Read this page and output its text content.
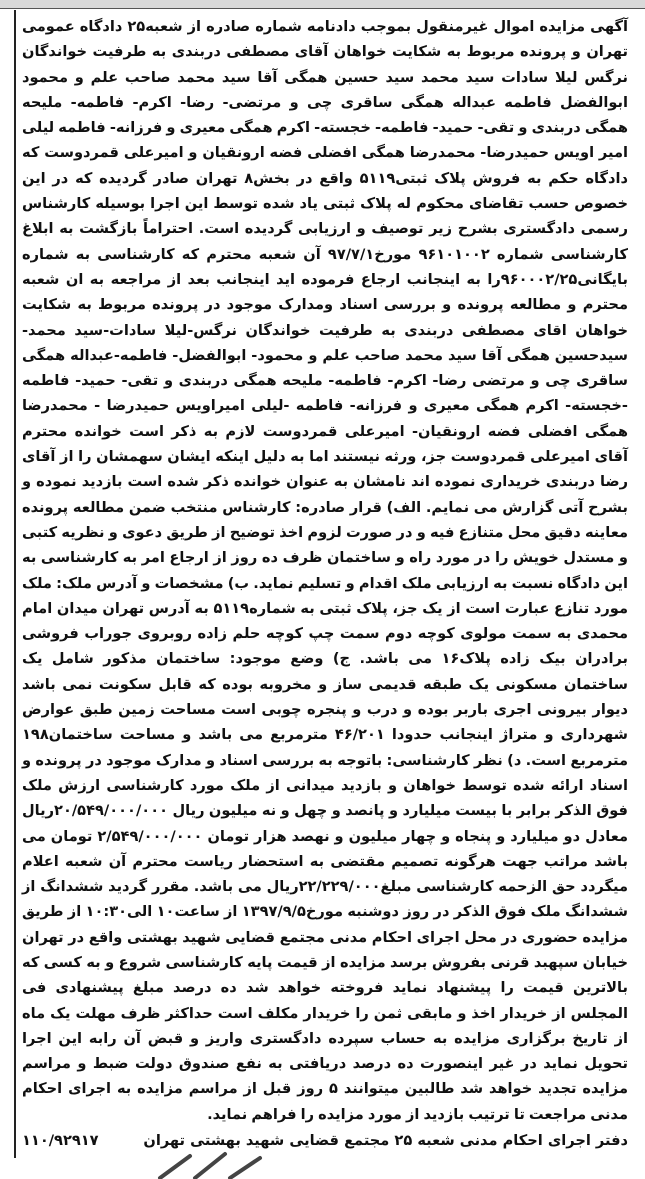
آگهی مزایده اموال غیرمنقول بموجب دادنامه شماره صادره از شعبه۲۵ دادگاه عمومی تهران و پرونده مربوط به شکایت خواهان آقای مصطفی دربندی به طرفیت خواندگان نرگس لیلا سادات سید محمد سید حسین همگی آقا سید محمد صاحب علم و محمود ابوالفضل فاطمه عبداله همگی ساقری چی و مرتضی- رضا- اکرم- فاطمه- ملیحه همگی دربندی و تقی- حمید- فاطمه- خجسته- اکرم همگی معیری و فرزانه- فاطمه لیلی امیر اویس حمیدرضا- محمدرضا همگی افضلی فضه ارونقیان و امیرعلی قمردوست که دادگاه حکم به فروش پلاک ثبتی۵۱۱۹ واقع در بخش۸ تهران صادر گردیده که در این خصوص حسب تقاضای محکوم له پلاک ثبتی یاد شده توسط این اجرا بوسیله کارشناس رسمی دادگستری بشرح زیر توصیف و ارزیابی گردیده است. احتراماً بازگشت به ابلاغ کارشناسی شماره ۹۶۱۰۱۰۰۲ مورخ۹۷/۷/۱ آن شعبه محترم که کارشناسی به شماره بایگانی۹۶۰۰۰۲/۲۵را به اینجانب ارجاع فرموده اید اینجانب بعد از مراجعه به ان شعبه محترم و مطالعه پرونده و بررسی اسناد ومدارک موجود در پرونده مربوط به شکایت خواهان اقای مصطفی دربندی به طرفیت خواندگان نرگس-لیلا سادات-سید محمد-سیدحسین همگی آقا سید محمد صاحب علم و محمود- ابوالفضل- فاطمه-عبداله همگی ساقری چی و مرتضی رضا- اکرم- فاطمه- ملیحه همگی دربندی و تقی- حمید- فاطمه -خجسته- اکرم همگی معیری و فرزانه- فاطمه -لیلی امیراویس حمیدرضا - محمدرضا همگی افضلی فضه ارونقیان- امیرعلی قمردوست لازم به ذکر است خوانده محترم آقای امیرعلی قمردوست جز، ورثه نیستند اما به دلیل اینکه ایشان سهمشان را از آقای رضا دربندی خریداری نموده اند نامشان به عنوان خوانده ذکر شده است بازدید نموده و بشرح آتی گزارش می نمایم. الف) قرار صادره: کارشناس منتخب ضمن مطالعه پرونده معاینه دقیق محل متنازع فیه و در صورت لزوم اخذ توضیح از طریق دعوی و نظریه کتبی و مستدل خویش را در مورد راه و ساختمان ظرف ده روز از ارجاع امر به کارشناسی به این دادگاه نسبت به ارزیابی ملک اقدام و تسلیم نماید. ب) مشخصات و آدرس ملک: ملک مورد تنازع عبارت است از یک جز، پلاک ثبتی به شماره۵۱۱۹ به آدرس تهران میدان امام محمدی به سمت مولوی کوچه دوم سمت چپ کوچه حلم زاده روبروی جوراب فروشی برادران بیک زاده پلاک۱۶ می باشد. ج) وضع موجود: ساختمان مذکور شامل یک ساختمان مسکونی یک طبقه قدیمی ساز و مخروبه بوده که قابل سکونت نمی باشد دیوار بیرونی اجری باربر بوده و درب و پنجره چوبی است مساحت زمین طبق عوارض شهرداری و متراژ اینجانب حدودا ۴۶/۲۰۱ مترمربع می باشد و مساحت ساختمان۱۹۸ مترمربع است. د) نظر کارشناسی: باتوجه به بررسی اسناد و مدارک موجود در پرونده و اسناد ارائه شده توسط خواهان و بازدید میدانی از ملک مورد کارشناسی ارزش ملک فوق الذکر برابر با بیست میلیارد و پانصد و چهل و نه میلیون ریال ۲۰/۵۴۹/۰۰۰/۰۰۰ریال معادل دو میلیارد و پنجاه و چهار میلیون و نهصد هزار تومان ۲/۵۴۹/۰۰۰/۰۰۰ تومان می باشد مراتب جهت هرگونه تصمیم مقتضی به استحضار ریاست محترم آن شعبه اعلام میگردد حق الزحمه کارشناسی مبلغ۲۲/۲۲۹/۰۰۰ریال می باشد. مقرر گردید ششدانگ از ششدانگ ملک فوق الذکر در روز دوشنبه مورخ۱۳۹۷/۹/۵ از ساعت۱۰ الی۱۰:۳۰ از طریق مزایده حضوری در محل اجرای احکام مدنی مجتمع قضایی شهید بهشتی واقع در تهران خیابان سپهبد قرنی بفروش برسد مزایده از قیمت پایه کارشناسی شروع و به کسی که بالاترین قیمت را پیشنهاد نماید فروخته خواهد شد ده درصد مبلغ پیشنهادی فی المجلس از خریدار اخذ و مابقی ثمن را خریدار مکلف است حداکثر ظرف مهلت یک ماه از تاریخ برگزاری مزایده به حساب سپرده دادگستری واریز و قبض آن رابه این اجرا تحویل نماید در غیر اینصورت ده درصد دریافتی به نفع صندوق دولت ضبط و مراسم مزایده تجدید خواهد شد طالبین میتوانند ۵ روز قبل از مراسم مزایده به اجرای احکام مدنی مراجعت تا ترتیب بازدید از مورد مزایده را فراهم نماید.

دفتر اجرای احکام مدنی شعبه ۲۵ مجتمع قضایی شهید بهشتی تهران
۱۱۰/۹۲۹۱۷
